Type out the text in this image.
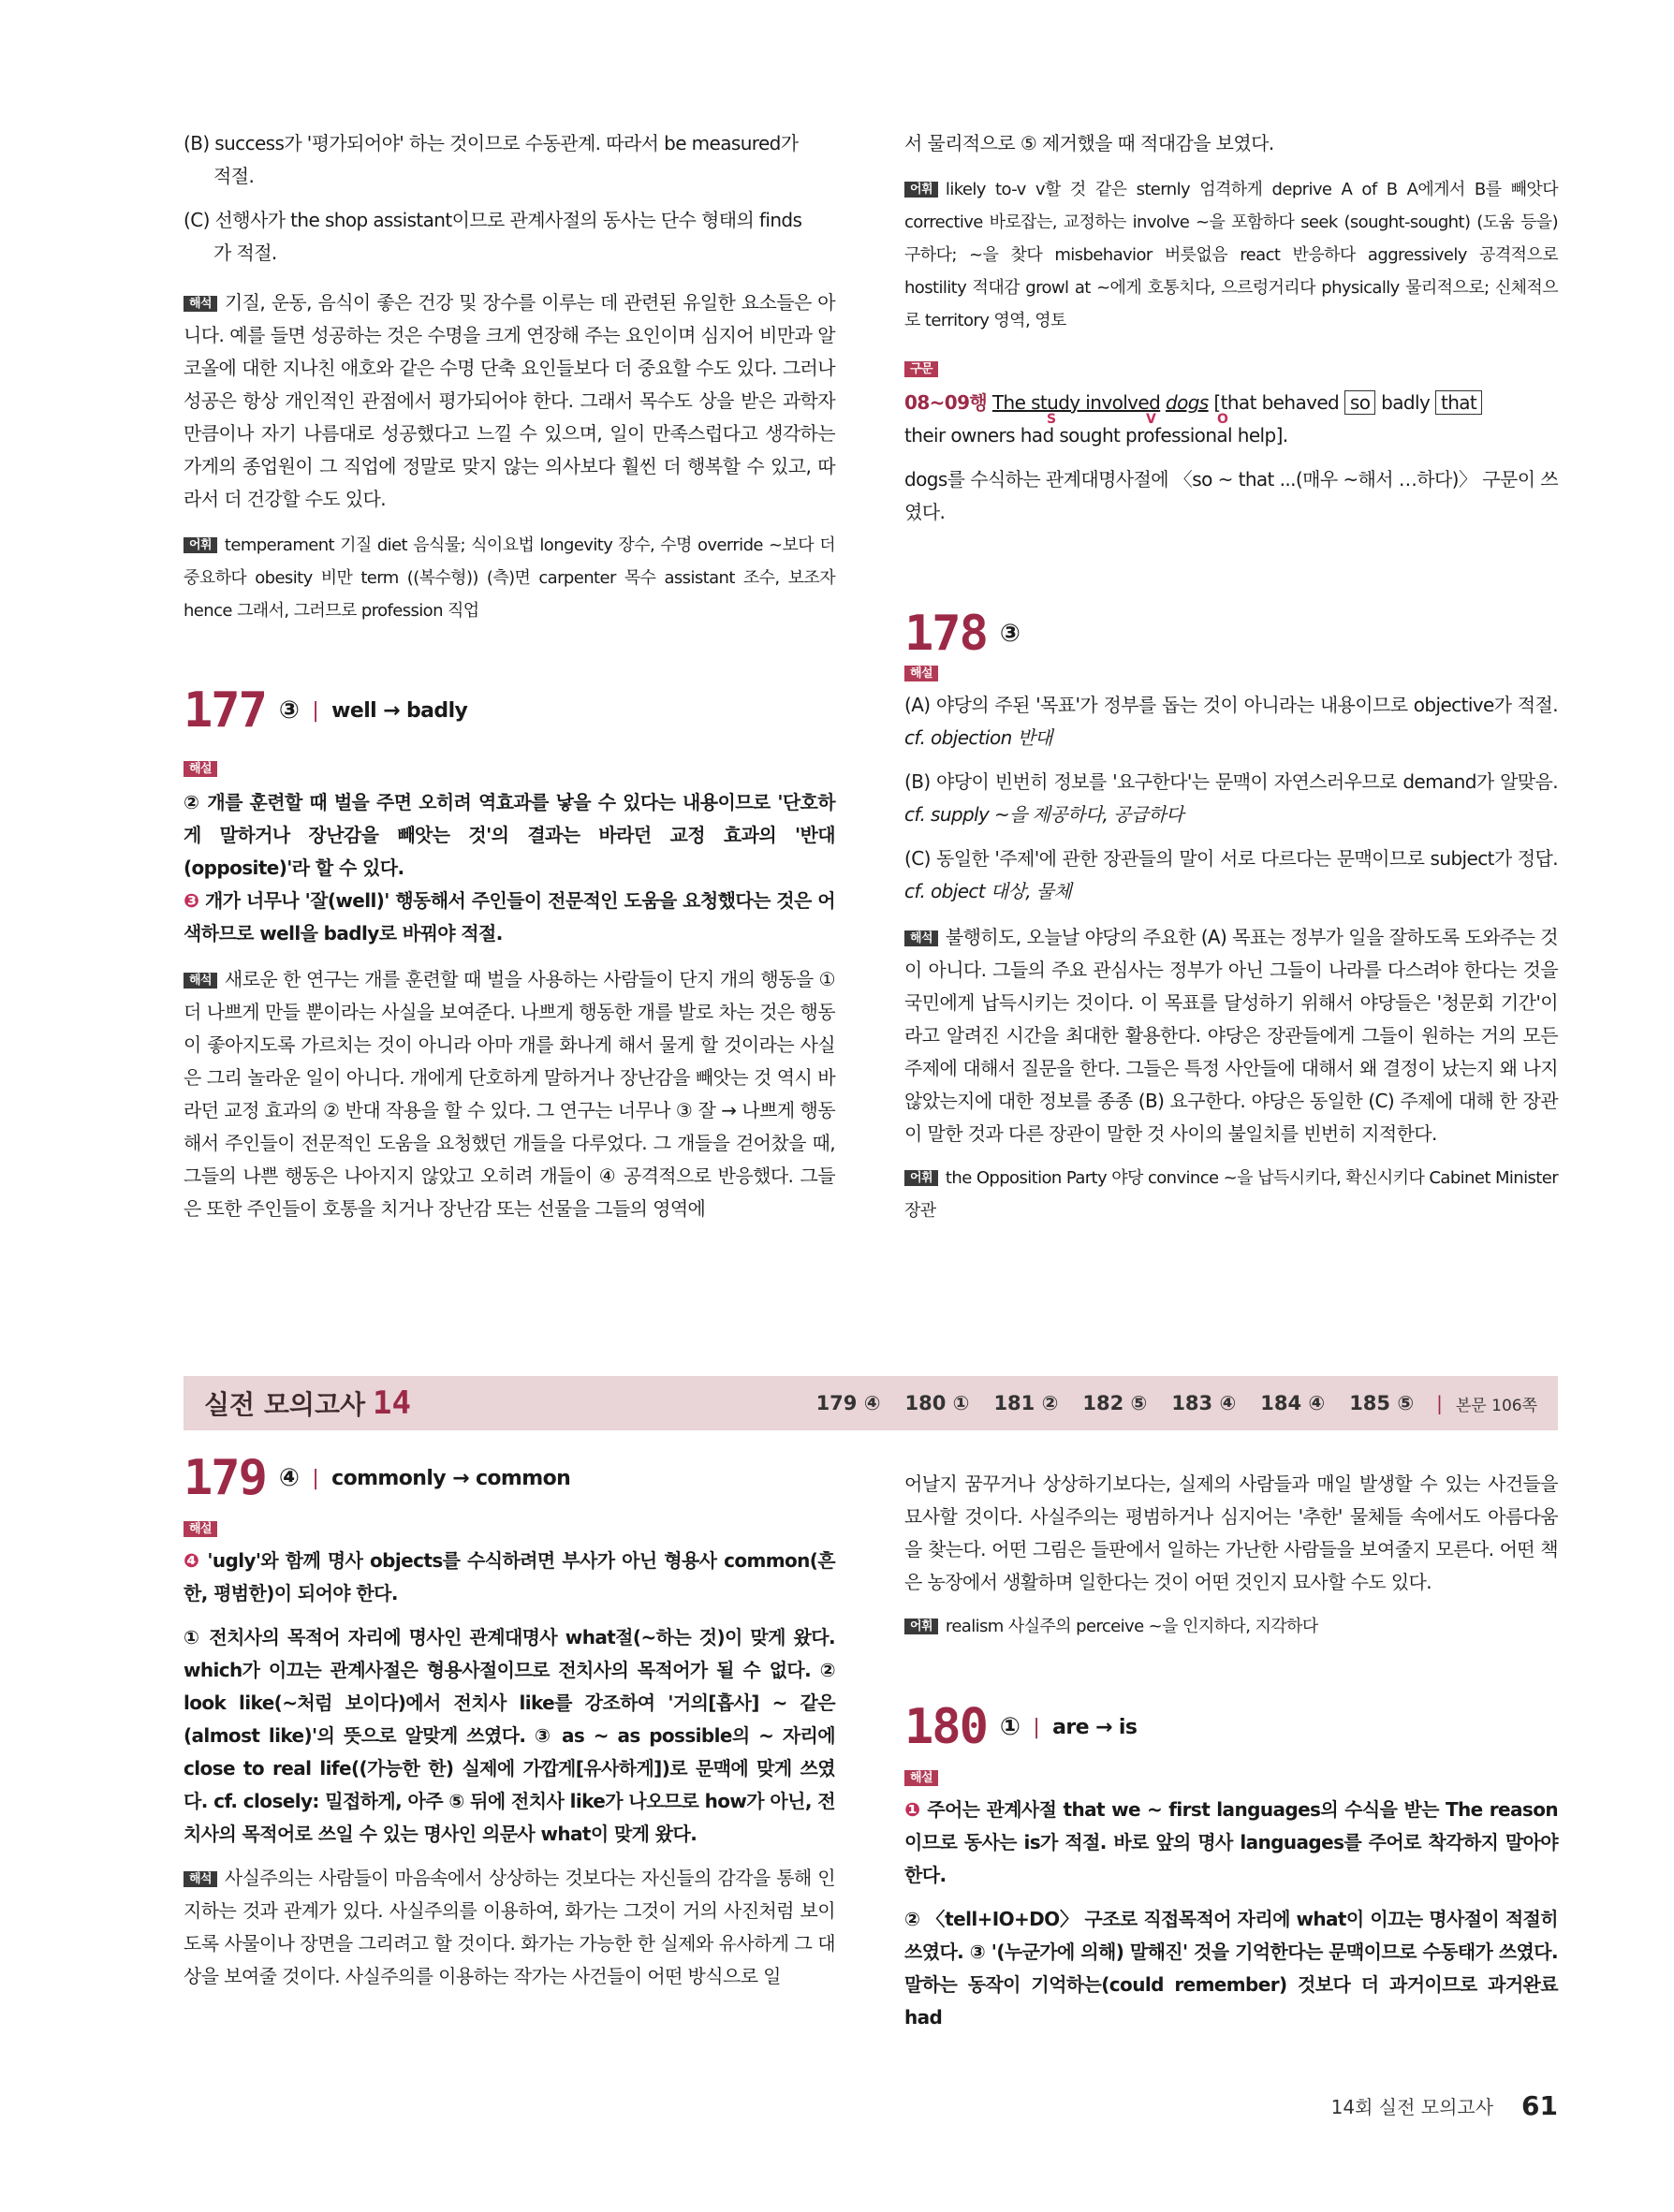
(B) success가 '평가되어야' 하는 것이므로 수동관계. 따라서 be measured가
적절.

(C) 선행사가 the shop assistant이므로 관계사절의 동사는 단수 형태의 finds
가 적절.

해석 기질, 운동, 음식이 좋은 건강 및 장수를 이루는 데 관련된 유일한 요소들은 아니다. 예를 들면 성공하는 것은 수명을 크게 연장해 주는 요인이며 심지어 비만과 알코올에 대한 지나친 애호와 같은 수명 단축 요인들보다 더 중요할 수도 있다. 그러나 성공은 항상 개인적인 관점에서 평가되어야 한다. 그래서 목수도 상을 받은 과학자만큼이나 자기 나름대로 성공했다고 느낄 수 있으며, 일이 만족스럽다고 생각하는 가게의 종업원이 그 직업에 정말로 맞지 않는 의사보다 훨씬 더 행복할 수 있고, 따라서 더 건강할 수도 있다.

어휘 temperament 기질 diet 음식물; 식이요법 longevity 장수, 수명 override ~보다 더 중요하다 obesity 비만 term ((복수형)) (측)면 carpenter 목수 assistant 조수, 보조자 hence 그래서, 그러므로 profession 직업

177 ③ | well → badly
해설

② 개를 훈련할 때 벌을 주면 오히려 역효과를 낳을 수 있다는 내용이므로 '단호하게 말하거나 장난감을 빼앗는 것'의 결과는 바라던 교정 효과의 '반대(opposite)'라 할 수 있다.

❸ 개가 너무나 '잘(well)' 행동해서 주인들이 전문적인 도움을 요청했다는 것은 어색하므로 well을 badly로 바꿔야 적절.

해석 새로운 한 연구는 개를 훈련할 때 벌을 사용하는 사람들이 단지 개의 행동을 ① 더 나쁘게 만들 뿐이라는 사실을 보여준다. 나쁘게 행동한 개를 발로 차는 것은 행동이 좋아지도록 가르치는 것이 아니라 아마 개를 화나게 해서 물게 할 것이라는 사실은 그리 놀라운 일이 아니다. 개에게 단호하게 말하거나 장난감을 빼앗는 것 역시 바라던 교정 효과의 ② 반대 작용을 할 수 있다. 그 연구는 너무나 ③ 잘 → 나쁘게 행동해서 주인들이 전문적인 도움을 요청했던 개들을 다루었다. 그 개들을 걷어찼을 때, 그들의 나쁜 행동은 나아지지 않았고 오히려 개들이 ④ 공격적으로 반응했다. 그들은 또한 주인들이 호통을 치거나 장난감 또는 선물을 그들의 영역에

서 물리적으로 ⑤ 제거했을 때 적대감을 보였다.

어휘 likely to-v v할 것 같은 sternly 엄격하게 deprive A of B A에게서 B를 빼앗다 corrective 바로잡는, 교정하는 involve ~을 포함하다 seek (sought-sought) (도움 등을) 구하다; ~을 찾다 misbehavior 버릇없음 react 반응하다 aggressively 공격적으로 hostility 적대감 growl at ~에게 호통치다, 으르렁거리다 physically 물리적으로; 신체적으로 territory 영역, 영토

구문
08~09행 The study involved dogs [that behaved so badly that
S	V	O
their owners had sought professional help].

dogs를 수식하는 관계대명사절에 〈so ~ that ...(매우 ~해서 …하다)〉 구문이 쓰였다.

178 ③
해설

(A) 야당의 주된 '목표'가 정부를 돕는 것이 아니라는 내용이므로 objective가 적절. cf. objection 반대

(B) 야당이 빈번히 정보를 '요구한다'는 문맥이 자연스러우므로 demand가 알맞음. cf. supply ~을 제공하다, 공급하다

(C) 동일한 '주제'에 관한 장관들의 말이 서로 다르다는 문맥이므로 subject가 정답. cf. object 대상, 물체

해석 불행히도, 오늘날 야당의 주요한 (A) 목표는 정부가 일을 잘하도록 도와주는 것이 아니다. 그들의 주요 관심사는 정부가 아닌 그들이 나라를 다스려야 한다는 것을 국민에게 납득시키는 것이다. 이 목표를 달성하기 위해서 야당들은 '청문회 기간'이라고 알려진 시간을 최대한 활용한다. 야당은 장관들에게 그들이 원하는 거의 모든 주제에 대해서 질문을 한다. 그들은 특정 사안들에 대해서 왜 결정이 났는지 왜 나지 않았는지에 대한 정보를 종종 (B) 요구한다. 야당은 동일한 (C) 주제에 대해 한 장관이 말한 것과 다른 장관이 말한 것 사이의 불일치를 빈번히 지적한다.

어휘 the Opposition Party 야당 convince ~을 납득시키다, 확신시키다 Cabinet Minister 장관

실전 모의고사 14	179 ④ 180 ① 181 ② 182 ⑤ 183 ④ 184 ④ 185 ⑤ | 본문 106쪽
179 ④ | commonly → common
해설

❹ 'ugly'와 함께 명사 objects를 수식하려면 부사가 아닌 형용사 common(흔한, 평범한)이 되어야 한다.

① 전치사의 목적어 자리에 명사인 관계대명사 what절(~하는 것)이 맞게 왔다. which가 이끄는 관계사절은 형용사절이므로 전치사의 목적어가 될 수 없다. ② look like(~처럼 보이다)에서 전치사 like를 강조하여 '거의[흡사] ~ 같은(almost like)'의 뜻으로 알맞게 쓰였다. ③ as ~ as possible의 ~ 자리에 close to real life((가능한 한) 실제에 가깝게[유사하게])로 문맥에 맞게 쓰였다. cf. closely: 밀접하게, 아주 ⑤ 뒤에 전치사 like가 나오므로 how가 아닌, 전치사의 목적어로 쓰일 수 있는 명사인 의문사 what이 맞게 왔다.

해석 사실주의는 사람들이 마음속에서 상상하는 것보다는 자신들의 감각을 통해 인지하는 것과 관계가 있다. 사실주의를 이용하여, 화가는 그것이 거의 사진처럼 보이도록 사물이나 장면을 그리려고 할 것이다. 화가는 가능한 한 실제와 유사하게 그 대상을 보여줄 것이다. 사실주의를 이용하는 작가는 사건들이 어떤 방식으로 일

어날지 꿈꾸거나 상상하기보다는, 실제의 사람들과 매일 발생할 수 있는 사건들을 묘사할 것이다. 사실주의는 평범하거나 심지어는 '추한' 물체들 속에서도 아름다움을 찾는다. 어떤 그림은 들판에서 일하는 가난한 사람들을 보여줄지 모른다. 어떤 책은 농장에서 생활하며 일한다는 것이 어떤 것인지 묘사할 수도 있다.

어휘 realism 사실주의 perceive ~을 인지하다, 지각하다

180 ① | are → is
해설

❶ 주어는 관계사절 that we ~ first languages의 수식을 받는 The reason이므로 동사는 is가 적절. 바로 앞의 명사 languages를 주어로 착각하지 말아야 한다.

② 〈tell+IO+DO〉 구조로 직접목적어 자리에 what이 이끄는 명사절이 적절히 쓰였다. ③ '(누군가에 의해) 말해진' 것을 기억한다는 문맥이므로 수동태가 쓰였다. 말하는 동작이 기억하는(could remember) 것보다 더 과거이므로 과거완료 had

14회 실전 모의고사 61
